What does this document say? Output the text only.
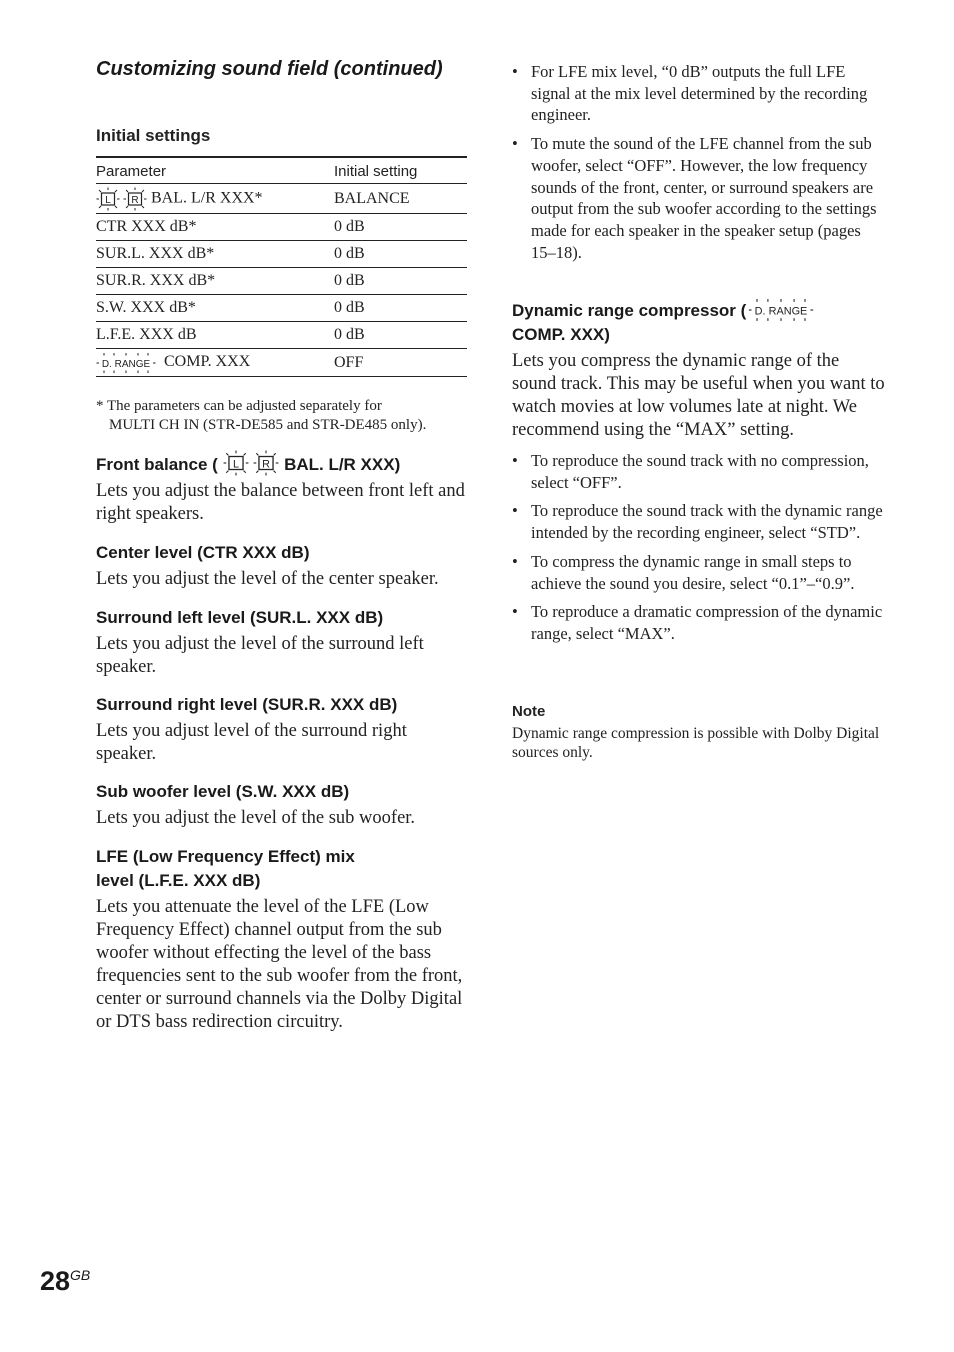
Customizing sound field (continued)
Initial settings
Parameter	Initial setting

L R BAL. L/R XXX*	BALANCE
CTR XXX dB*	0 dB
SUR.L. XXX dB*	0 dB
SUR.R. XXX dB*	0 dB
S.W. XXX dB*	0 dB
L.F.E. XXX dB	0 dB

D. RANGE COMP. XXX	OFF
* The parameters can be adjusted separately for
MULTI CH IN (STR-DE585 and STR-DE485 only).
Front balance ( L
R BAL. L/R XXX)
Lets you adjust the balance between front left and right speakers.
Center level (CTR XXX dB)
Lets you adjust the level of the center speaker.
Surround left level (SUR.L. XXX dB)
Lets you adjust the level of the surround left speaker.
Surround right level (SUR.R. XXX dB)
Lets you adjust level of the surround right speaker.
Sub woofer level (S.W. XXX dB)
Lets you adjust the level of the sub woofer.
LFE (Low Frequency Effect) mix
level (L.F.E. XXX dB)
Lets you attenuate the level of the LFE (Low Frequency Effect) channel output from the sub woofer without effecting the level of the bass frequencies sent to the sub woofer from the front, center or surround channels via the Dolby Digital or DTS bass redirection circuitry.
• For LFE mix level, “0 dB” outputs the full LFE signal at the mix level determined by the recording engineer.
• To mute the sound of the LFE channel from the sub woofer, select “OFF”. However, the low frequency sounds of the front, center, or surround speakers are output from the sub woofer according to the settings made for each speaker in the speaker setup (pages 15–18).
Dynamic range compressor ( D. RANGE

COMP. XXX)
Lets you compress the dynamic range of the sound track. This may be useful when you want to watch movies at low volumes late at night. We recommend using the “MAX” setting.
• To reproduce the sound track with no compression, select “OFF”.
• To reproduce the sound track with the dynamic range intended by the recording engineer, select “STD”.
• To compress the dynamic range in small steps to achieve the sound you desire, select “0.1”–“0.9”.
• To reproduce a dramatic compression of the dynamic range, select “MAX”.
Note
Dynamic range compression is possible with Dolby Digital sources only.
$28^{GB}$
